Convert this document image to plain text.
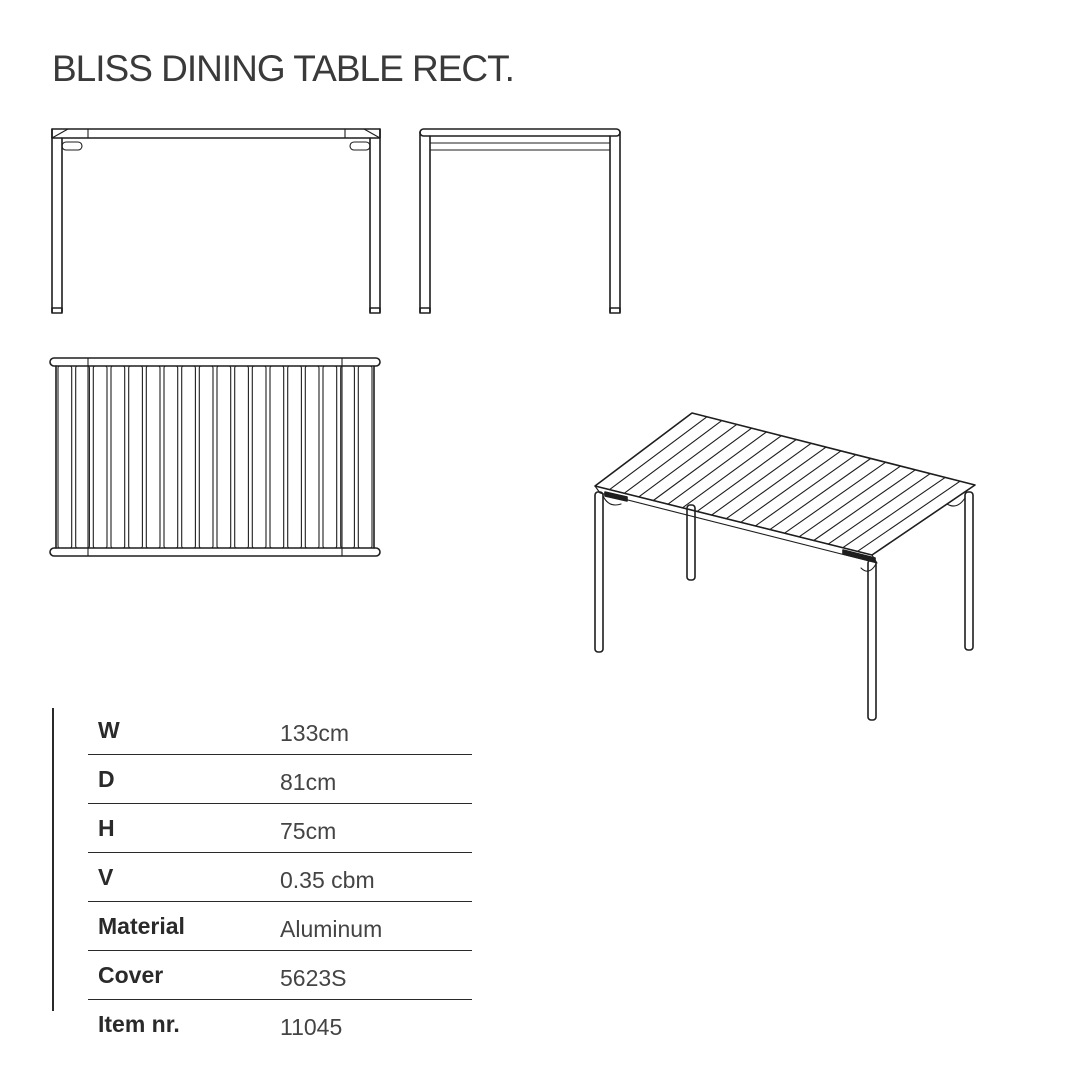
BLISS DINING TABLE RECT.
W	133cm
D	81cm
H	75cm
V	0.35 cbm
Material	Aluminum
Cover	5623S
Item nr.	11045
